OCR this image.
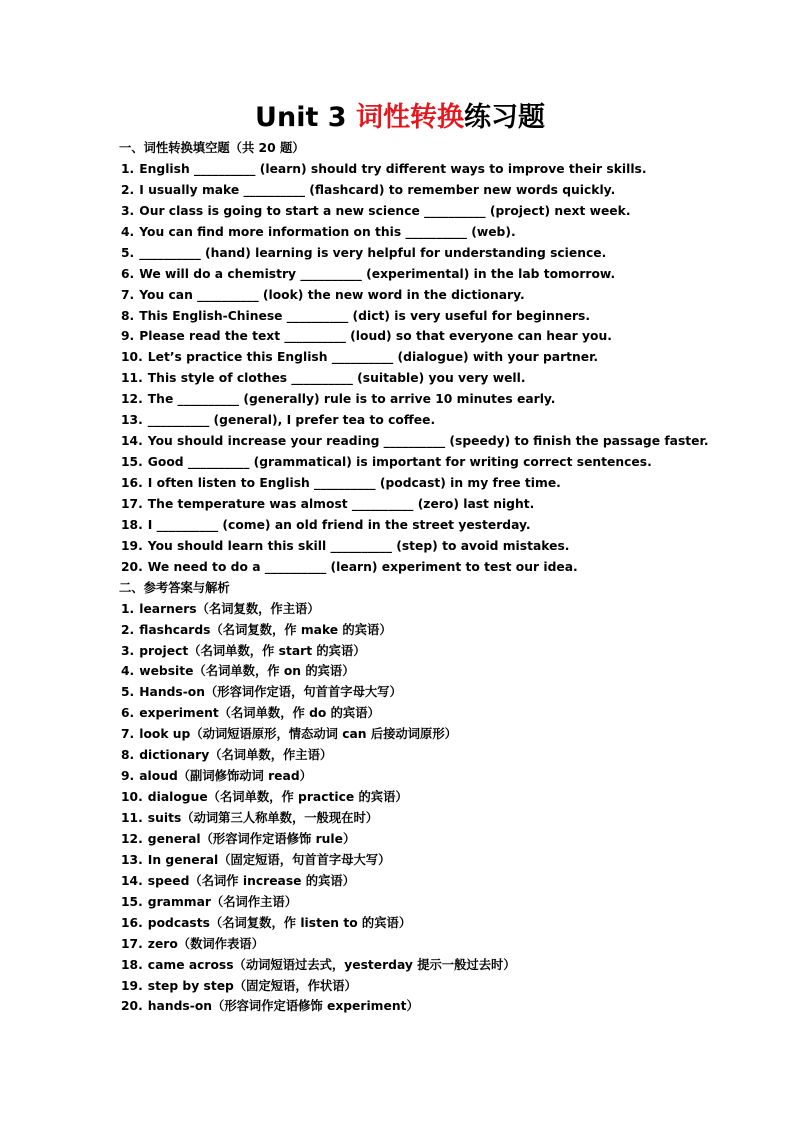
Unit 3 词性转换练习题
一、词性转换填空题（共 20 题）
1. English __________ (learn) should try different ways to improve their skills.
2. I usually make __________ (flashcard) to remember new words quickly.
3. Our class is going to start a new science __________ (project) next week.
4. You can find more information on this __________ (web).
5. __________ (hand) learning is very helpful for understanding science.
6. We will do a chemistry __________ (experimental) in the lab tomorrow.
7. You can __________ (look) the new word in the dictionary.
8. This English-Chinese __________ (dict) is very useful for beginners.
9. Please read the text __________ (loud) so that everyone can hear you.
10. Let’s practice this English __________ (dialogue) with your partner.
11. This style of clothes __________ (suitable) you very well.
12. The __________ (generally) rule is to arrive 10 minutes early.
13. __________ (general), I prefer tea to coffee.
14. You should increase your reading __________ (speedy) to finish the passage faster.
15. Good __________ (grammatical) is important for writing correct sentences.
16. I often listen to English __________ (podcast) in my free time.
17. The temperature was almost __________ (zero) last night.
18. I __________ (come) an old friend in the street yesterday.
19. You should learn this skill __________ (step) to avoid mistakes.
20. We need to do a __________ (learn) experiment to test our idea.
二、参考答案与解析
1. learners（名词复数，作主语）
2. flashcards（名词复数，作 make 的宾语）
3. project（名词单数，作 start 的宾语）
4. website（名词单数，作 on 的宾语）
5. Hands-on（形容词作定语，句首首字母大写）
6. experiment（名词单数，作 do 的宾语）
7. look up（动词短语原形，情态动词 can 后接动词原形）
8. dictionary（名词单数，作主语）
9. aloud（副词修饰动词 read）
10. dialogue（名词单数，作 practice 的宾语）
11. suits（动词第三人称单数，一般现在时）
12. general（形容词作定语修饰 rule）
13. In general（固定短语，句首首字母大写）
14. speed（名词作 increase 的宾语）
15. grammar（名词作主语）
16. podcasts（名词复数，作 listen to 的宾语）
17. zero（数词作表语）
18. came across（动词短语过去式，yesterday 提示一般过去时）
19. step by step（固定短语，作状语）
20. hands-on（形容词作定语修饰 experiment）
